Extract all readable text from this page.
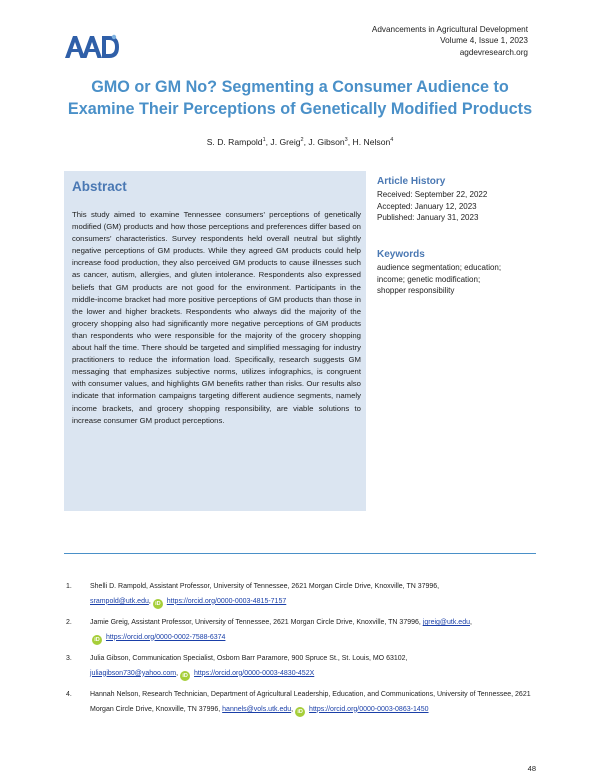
Advancements in Agricultural Development
Volume 4, Issue 1, 2023
agdevresearch.org
GMO or GM No? Segmenting a Consumer Audience to
Examine Their Perceptions of Genetically Modified Products
S. D. Rampold$^1$, J. Greig$^2$, J. Gibson$^3$, H. Nelson$^4$
Abstract
This study aimed to examine Tennessee consumers’ perceptions of genetically modified (GM) products and how those perceptions and preferences differ based on consumers’ characteristics. Survey respondents held overall neutral but slightly negative perceptions of GM products. While they agreed GM products could help increase food production, they also perceived GM products to cause illnesses such as cancer, autism, allergies, and gluten intolerance. Respondents also expressed beliefs that GM products are not good for the environment. Participants in the middle-income bracket had more positive perceptions of GM products than those in the lower and higher brackets. Respondents who always did the majority of the grocery shopping also had significantly more negative perceptions of GM products than respondents who were responsible for the majority of the grocery shopping about half the time. There should be targeted and simplified messaging for industry practitioners to reduce the information load. Specifically, research suggests GM messaging that emphasizes subjective norms, utilizes infographics, is congruent with consumer values, and highlights GM benefits rather than risks. Our results also indicate that information campaigns targeting different audience segments, namely income brackets, and grocery shopping responsibility, are viable solutions to increase consumer GM product perceptions.
Article History
Received: September 22, 2022
Accepted: January 12, 2023
Published: January 31, 2023
Keywords
audience segmentation; education;
income; genetic modification;
shopper responsibility
1.	Shelli D. Rampold, Assistant Professor, University of Tennessee, 2621 Morgan Circle Drive, Knoxville, TN 37996,
srampold@utk.edu, iD https://orcid.org/0000-0003-4815-7157
2.	Jamie Greig, Assistant Professor, University of Tennessee, 2621 Morgan Circle Drive, Knoxville, TN 37996, jgreig@utk.edu,
iD https://orcid.org/0000-0002-7588-6374
3.	Julia Gibson, Communication Specialist, Osborn Barr Paramore, 900 Spruce St., St. Louis, MO 63102,
juliagibson730@yahoo.com, iD https://orcid.org/0000-0003-4830-452X
4.	Hannah Nelson, Research Technician, Department of Agricultural Leadership, Education, and Communications, University of Tennessee, 2621 Morgan Circle Drive, Knoxville, TN 37996, hannels@vols.utk.edu, iD https://orcid.org/0000-0003-0863-1450
48
